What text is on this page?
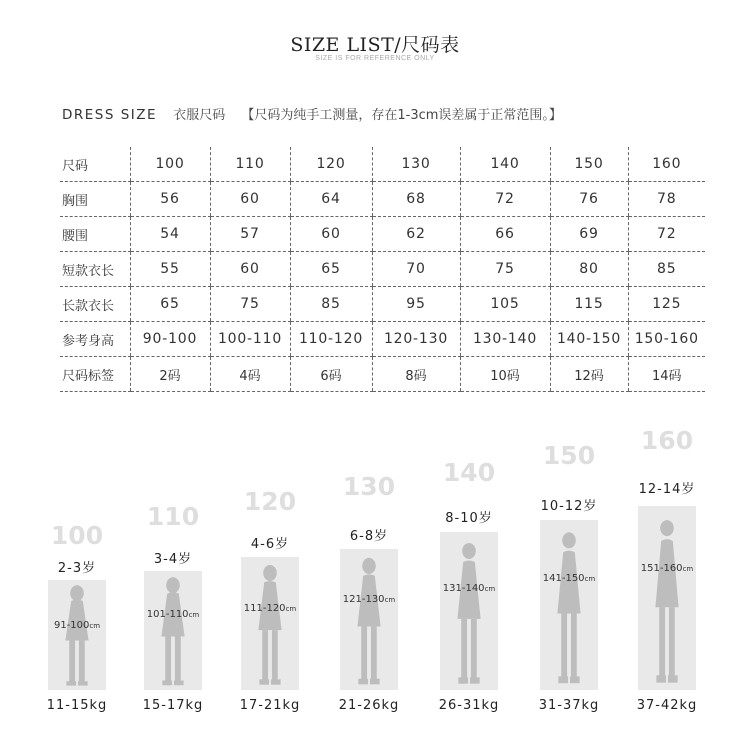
SIZE LIST/尺码表
SIZE IS FOR REFERENCE ONLY
DRESS SIZE 衣服尺码 【尺码为纯手工测量，存在1-3cm误差属于正常范围。】
尺码	100	110	120	130	140	150	160
胸围	56	60	64	68	72	76	78
腰围	54	57	60	62	66	69	72
短款衣长	55	60	65	70	75	80	85
长款衣长	65	75	85	95	105	115	125
参考身高	90-100	100-110	110-120	120-130	130-140	140-150	150-160
尺码标签	2码	4码	6码	8码	10码	12码	14码
100
2-3岁
91-100cm
11-15kg
110
3-4岁
101-110cm
15-17kg
120
4-6岁
111-120cm
17-21kg
130
6-8岁
121-130cm
21-26kg
140
8-10岁
131-140cm
26-31kg
150
10-12岁
141-150cm
31-37kg
160
12-14岁
151-160cm
37-42kg
